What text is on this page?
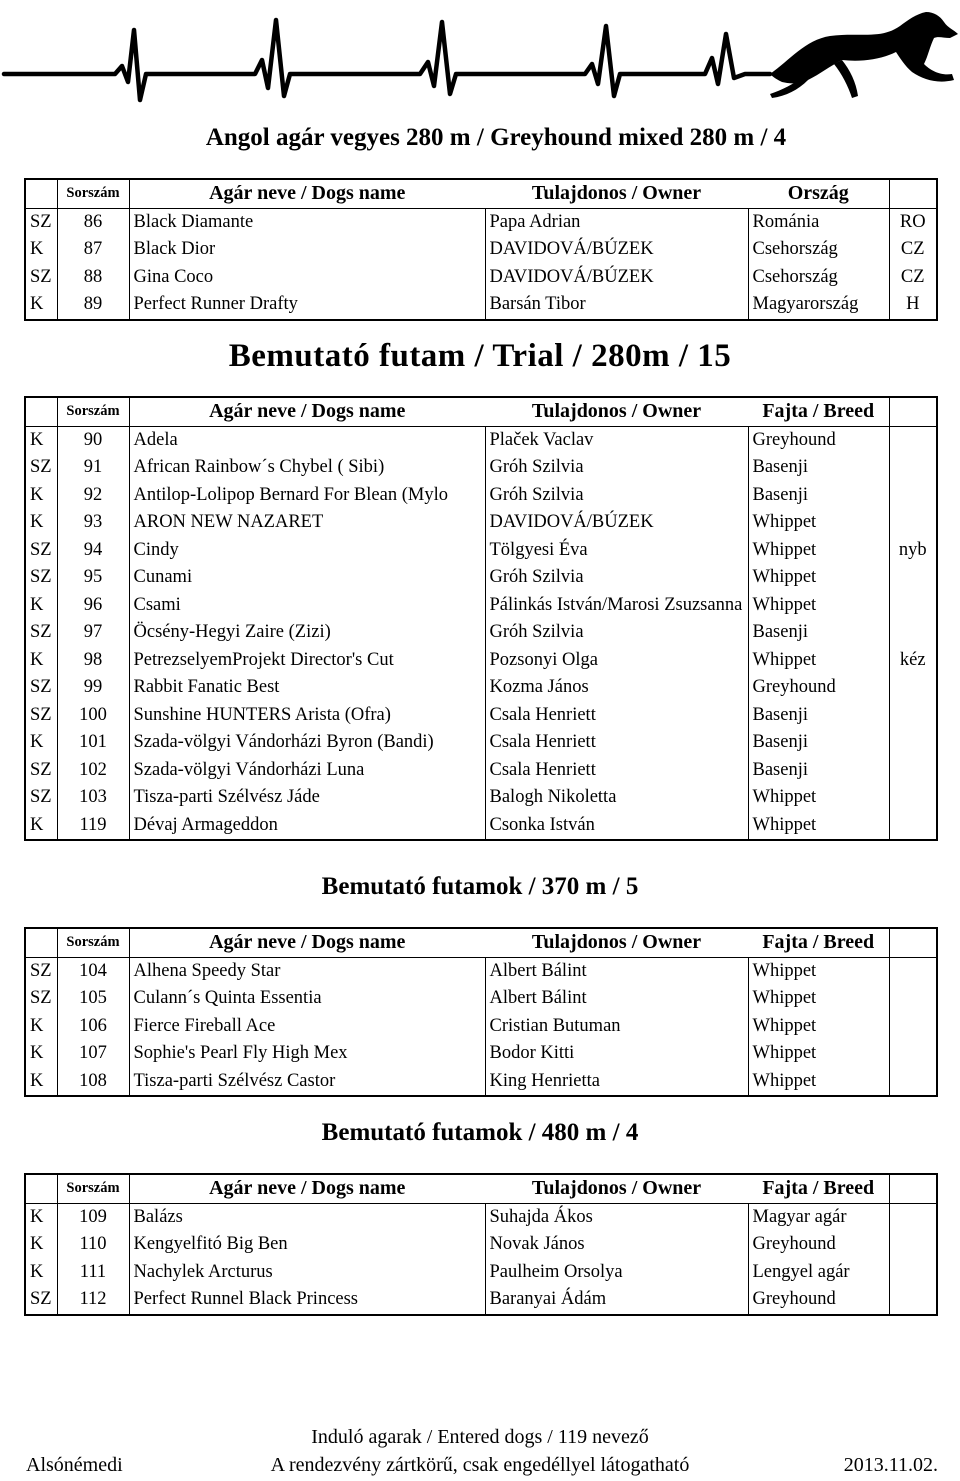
Angol agár vegyes 280 m / Greyhound mixed 280 m / 4
	Sorszám	Agár neve / Dogs name	Tulajdonos / Owner	Ország	
SZ	86	Black Diamante	Papa Adrian	Románia	RO
K	87	Black Dior	DAVIDOVÁ/BÚZEK	Csehország	CZ
SZ	88	Gina Coco	DAVIDOVÁ/BÚZEK	Csehország	CZ
K	89	Perfect Runner Drafty	Barsán Tibor	Magyarország	H
Bemutató futam / Trial / 280m / 15
	Sorszám	Agár neve / Dogs name	Tulajdonos / Owner	Fajta / Breed	
K	90	Adela	Plaček Vaclav	Greyhound	
SZ	91	African Rainbow´s Chybel ( Sibi)	Gróh Szilvia	Basenji	
K	92	Antilop-Lolipop Bernard For Blean (Mylo	Gróh Szilvia	Basenji	
K	93	ARON NEW NAZARET	DAVIDOVÁ/BÚZEK	Whippet	
SZ	94	Cindy	Tölgyesi Éva	Whippet	nyb
SZ	95	Cunami	Gróh Szilvia	Whippet	
K	96	Csami	Pálinkás István/Marosi Zsuzsanna	Whippet	
SZ	97	Öcsény-Hegyi Zaire (Zizi)	Gróh Szilvia	Basenji	
K	98	PetrezselyemProjekt Director's Cut	Pozsonyi Olga	Whippet	kéz
SZ	99	Rabbit Fanatic Best	Kozma János	Greyhound	
SZ	100	Sunshine HUNTERS Arista (Ofra)	Csala Henriett	Basenji	
K	101	Szada-völgyi Vándorházi Byron (Bandi)	Csala Henriett	Basenji	
SZ	102	Szada-völgyi Vándorházi Luna	Csala Henriett	Basenji	
SZ	103	Tisza-parti Szélvész Jáde	Balogh Nikoletta	Whippet	
K	119	Dévaj Armageddon	Csonka István	Whippet	
Bemutató futamok / 370 m / 5
	Sorszám	Agár neve / Dogs name	Tulajdonos / Owner	Fajta / Breed	
SZ	104	Alhena Speedy Star	Albert Bálint	Whippet	
SZ	105	Culann´s Quinta Essentia	Albert Bálint	Whippet	
K	106	Fierce Fireball Ace	Cristian Butuman	Whippet	
K	107	Sophie's Pearl Fly High Mex	Bodor Kitti	Whippet	
K	108	Tisza-parti Szélvész Castor	King Henrietta	Whippet	
Bemutató futamok / 480 m / 4
	Sorszám	Agár neve / Dogs name	Tulajdonos / Owner	Fajta / Breed	
K	109	Balázs	Suhajda Ákos	Magyar agár	
K	110	Kengyelfitó Big Ben	Novak János	Greyhound	
K	111	Nachylek Arcturus	Paulheim Orsolya	Lengyel agár	
SZ	112	Perfect Runnel Black Princess	Baranyai Ádám	Greyhound	
Induló agarak / Entered dogs / 119 nevező
Alsónémedi	A rendezvény zártkörű, csak engedéllyel látogatható	2013.11.02.
